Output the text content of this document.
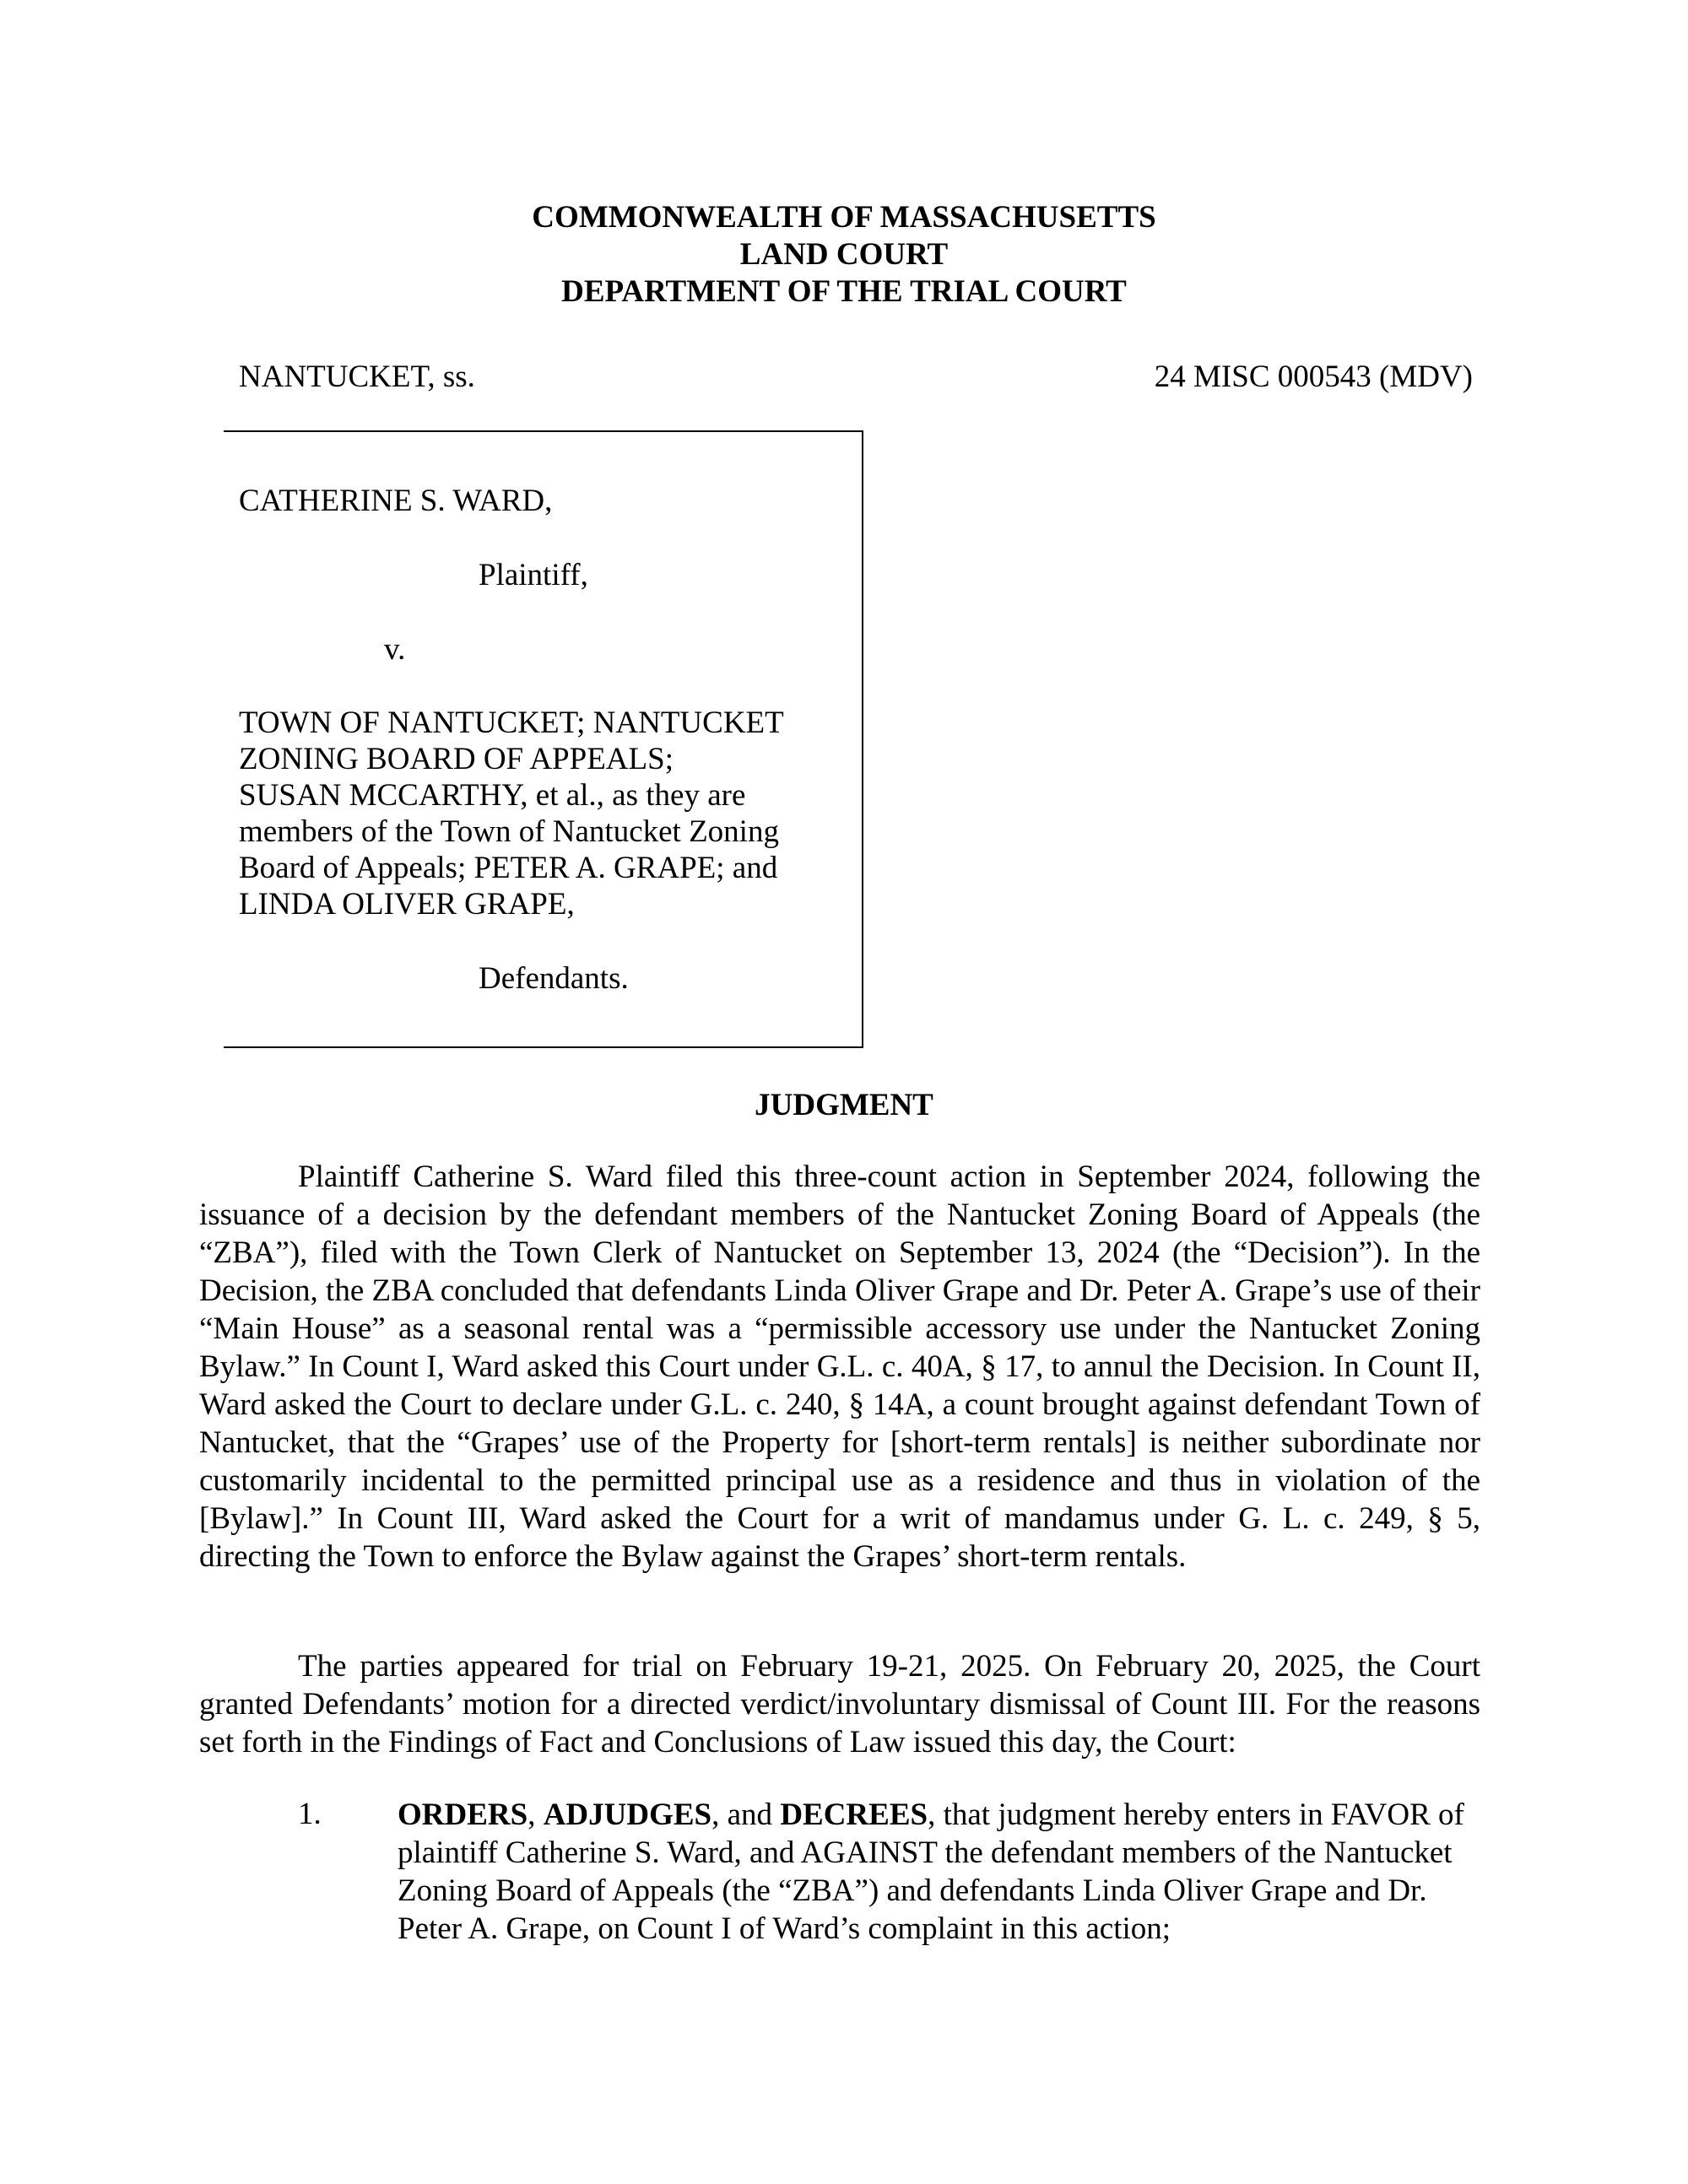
COMMONWEALTH OF MASSACHUSETTS

LAND COURT

DEPARTMENT OF THE TRIAL COURT

NANTUCKET, ss.	24 MISC 000543 (MDV)

CATHERINE S. WARD,

Plaintiff,

v.

TOWN OF NANTUCKET; NANTUCKET

ZONING BOARD OF APPEALS;

SUSAN MCCARTHY, et al., as they are

members of the Town of Nantucket Zoning

Board of Appeals; PETER A. GRAPE; and

LINDA OLIVER GRAPE,

Defendants.

JUDGMENT

Plaintiff Catherine S. Ward filed this three-count action in September 2024, following the issuance of a decision by the defendant members of the Nantucket Zoning Board of Appeals (the “ZBA”), filed with the Town Clerk of Nantucket on September 13, 2024 (the “Decision”). In the Decision, the ZBA concluded that defendants Linda Oliver Grape and Dr. Peter A. Grape’s use of their “Main House” as a seasonal rental was a “permissible accessory use under the Nantucket Zoning Bylaw.” In Count I, Ward asked this Court under G.L. c. 40A, § 17, to annul the Decision. In Count II, Ward asked the Court to declare under G.L. c. 240, § 14A, a count brought against defendant Town of Nantucket, that the “Grapes’ use of the Property for [short-term rentals] is neither subordinate nor customarily incidental to the permitted principal use as a residence and thus in violation of the [Bylaw].” In Count III, Ward asked the Court for a writ of mandamus under G. L. c. 249, § 5, directing the Town to enforce the Bylaw against the Grapes’ short-term rentals.

The parties appeared for trial on February 19-21, 2025. On February 20, 2025, the Court granted Defendants’ motion for a directed verdict/involuntary dismissal of Count III. For the reasons set forth in the Findings of Fact and Conclusions of Law issued this day, the Court:

1. ORDERS, ADJUDGES, and DECREES, that judgment hereby enters in FAVOR of plaintiff Catherine S. Ward, and AGAINST the defendant members of the Nantucket Zoning Board of Appeals (the “ZBA”) and defendants Linda Oliver Grape and Dr. Peter A. Grape, on Count I of Ward’s complaint in this action;
